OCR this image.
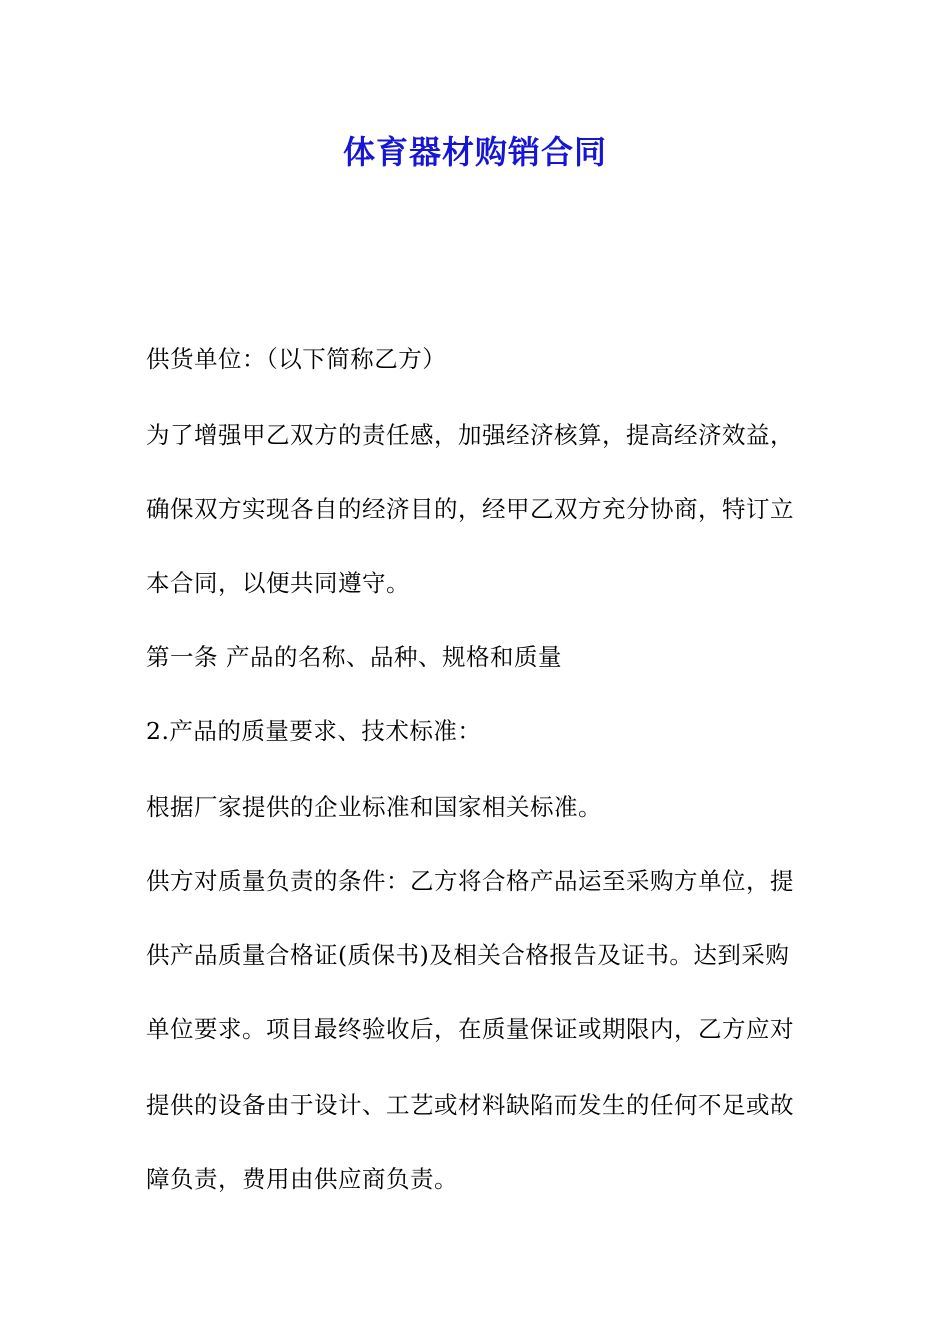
体育器材购销合同
供货单位：（以下简称乙方）
为了增强甲乙双方的责任感，加强经济核算，提高经济效益，
确保双方实现各自的经济目的，经甲乙双方充分协商，特订立
本合同，以便共同遵守。
第一条 产品的名称、品种、规格和质量
2.产品的质量要求、技术标准：
根据厂家提供的企业标准和国家相关标准。
供方对质量负责的条件：乙方将合格产品运至采购方单位，提
供产品质量合格证(质保书)及相关合格报告及证书。达到采购
单位要求。项目最终验收后，在质量保证或期限内，乙方应对
提供的设备由于设计、工艺或材料缺陷而发生的任何不足或故
障负责，费用由供应商负责。
